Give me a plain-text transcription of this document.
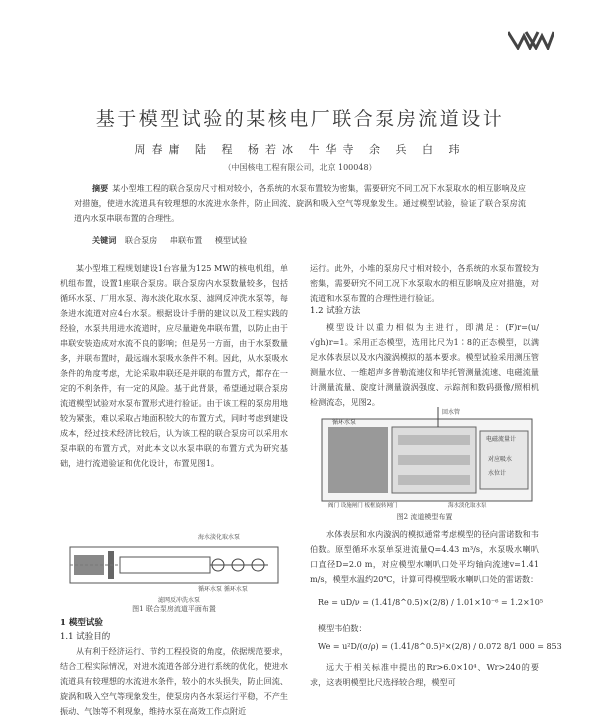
基于模型试验的某核电厂联合泵房流道设计
周春庸 陆 程 杨若冰 牛华寺 余 兵 白 玮
（中国核电工程有限公司，北京 100048）
摘要 某小型堆工程的联合泵房尺寸相对较小，各系统的水泵布置较为密集，需要研究不同工况下水泵取水的相互影响及应对措施，使进水流道具有较理想的水流进水条件，防止回流、旋涡和吸入空气等现象发生。通过模型试验，验证了联合泵房流道内水泵串联布置的合理性。
关键词 联合泵房 串联布置 模型试验

某小型堆工程规划建设1台容量为125 MW的核电机组，单机组布置，设置1座联合泵房。联合泵房内水泵数量较多，包括循环水泵、厂用水泵、海水淡化取水泵、滤网反冲洗水泵等，每条进水流道对应4台水泵。根据设计手册的建议以及工程实践的经验，水泵共用进水流道时，应尽量避免串联布置，以防止由于串联安装造成对水流不良的影响；但是另一方面，由于水泵数量多，并联布置时，最远端水泵吸水条件不利。因此，从水泵吸水条件的角度考虑，尤论采取串联还是并联的布置方式，都存在一定的不利条件，有一定的风险。基于此背景，希望通过联合泵房流道模型试验对水泵布置形式进行验证。由于该工程的泵房用地较为紧张，难以采取占地面积较大的布置方式，同时考虑到建设成本，经过技术经济比较后，认为该工程的联合泵房可以采用水泵串联的布置方式，对此本文以水泵串联的布置方式为研究基础，进行流道验证和优化设计，布置见图1。

海水淡化取水泵
循环水泵 循环水泵
滤网反冲洗水泵
图1 联合泵房流道平面布置
1 模型试验
1.1 试验目的

从有利于经济运行、节约工程投资的角度，依据规范要求，结合工程实际情况，对进水流道各部分进行系统的优化，使进水流道具有较理想的水流进水条件，较小的水头损失，防止回流、旋涡和吸入空气等现象发生，使泵房内各水泵运行平稳，不产生振动、气蚀等不利现象，维持水泵在高效工作点附近

运行。此外，小堆的泵房尺寸相对较小，各系统的水泵布置较为密集，需要研究不同工况下水泵取水的相互影响及应对措施，对流道和水泵布置的合理性进行验证。

1.2 试验方法

模型设计以重力相似为主进行，即满足：(F)r=(u/√gh)r=1。采用正态模型，选用比尺为1∶8的正态模型，以满足水体表层以及水内漩涡模拟的基本要求。模型试验采用测压管测量水位、一维超声多普勒流速仪和毕托管测量流速、电磁流量计测量流量、旋度计测量漩涡强度、示踪剂和数码摄像/照相机检测流态，见图2。

回水管
循环水泵
电磁流量计
对应吸水
水位计
阀门 设施闸门 板框旋转网门	海水淡化取水泵
图2 流道模型布置

水体表层和水内漩涡的模拟通常考虑模型的径向雷诺数和韦伯数。原型循环水泵单泵进流量Q=4.43 m³/s，水泵吸水喇叭口直径D=2.0 m，对应模型水喇叭口处平均轴向流速v=1.41 m/s，模型水温约20℃，计算可得模型吸水喇叭口处的雷诺数：

Re = uD/ν = (1.41/8^0.5)×(2/8) / 1.01×10⁻⁶ = 1.2×10⁵
模型韦伯数：
We = u²D/(σ/ρ) = (1.41/8^0.5)²×(2/8) / 0.072 8/1 000 = 853

远大于相关标准中提出的Rr>6.0×10⁴、Wr>240的要求，这表明模型比尺选择较合理，模型可
